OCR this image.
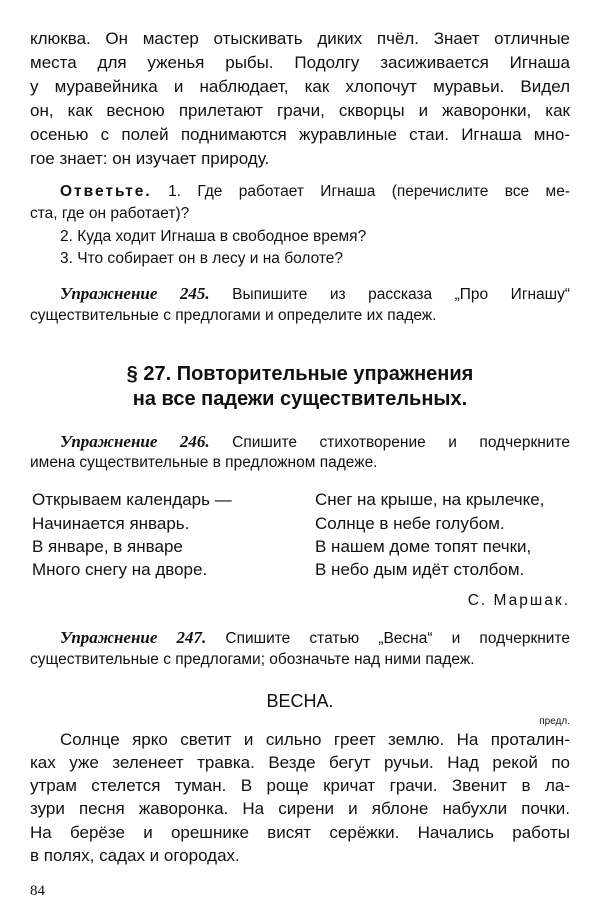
клюква. Он мастер отыскивать диких пчёл. Знает отличные
места для уженья рыбы. Подолгу засиживается Игнаша
у муравейника и наблюдает, как хлопочут муравьи. Видел
он, как весною прилетают грачи, скворцы и жаворонки, как
осенью с полей поднимаются журавлиные стаи. Игнаша мно-
гое знает: он изучает природу.
Ответьте. 1. Где работает Игнаша (перечислите все ме-
ста, где он работает)?
2. Куда ходит Игнаша в свободное время?
3. Что собирает он в лесу и на болоте?
Упражнение 245. Выпишите из рассказа „Про Игнашу“
существительные с предлогами и определите их падеж.
§ 27. Повторительные упражнения
на все падежи существительных.
Упражнение 246. Спишите стихотворение и подчеркните
имена существительные в предложном падеже.
Открываем календарь —
Начинается январь.
В январе, в январе
Много снегу на дворе.
Снег на крыше, на крылечке,
Солнце в небе голубом.
В нашем доме топят печки,
В небо дым идёт столбом.
С. Маршак.
Упражнение 247. Спишите статью „Весна“ и подчеркните
существительные с предлогами; обозначьте над ними падеж.
ВЕСНА.
предл.
Солнце ярко светит и сильно греет землю. На проталин-
ках уже зеленеет травка. Везде бегут ручьи. Над рекой по
утрам стелется туман. В роще кричат грачи. Звенит в ла-
зури песня жаворонка. На сирени и яблоне набухли почки.
На берёзе и орешнике висят серёжки. Начались работы
в полях, садах и огородах.
84
